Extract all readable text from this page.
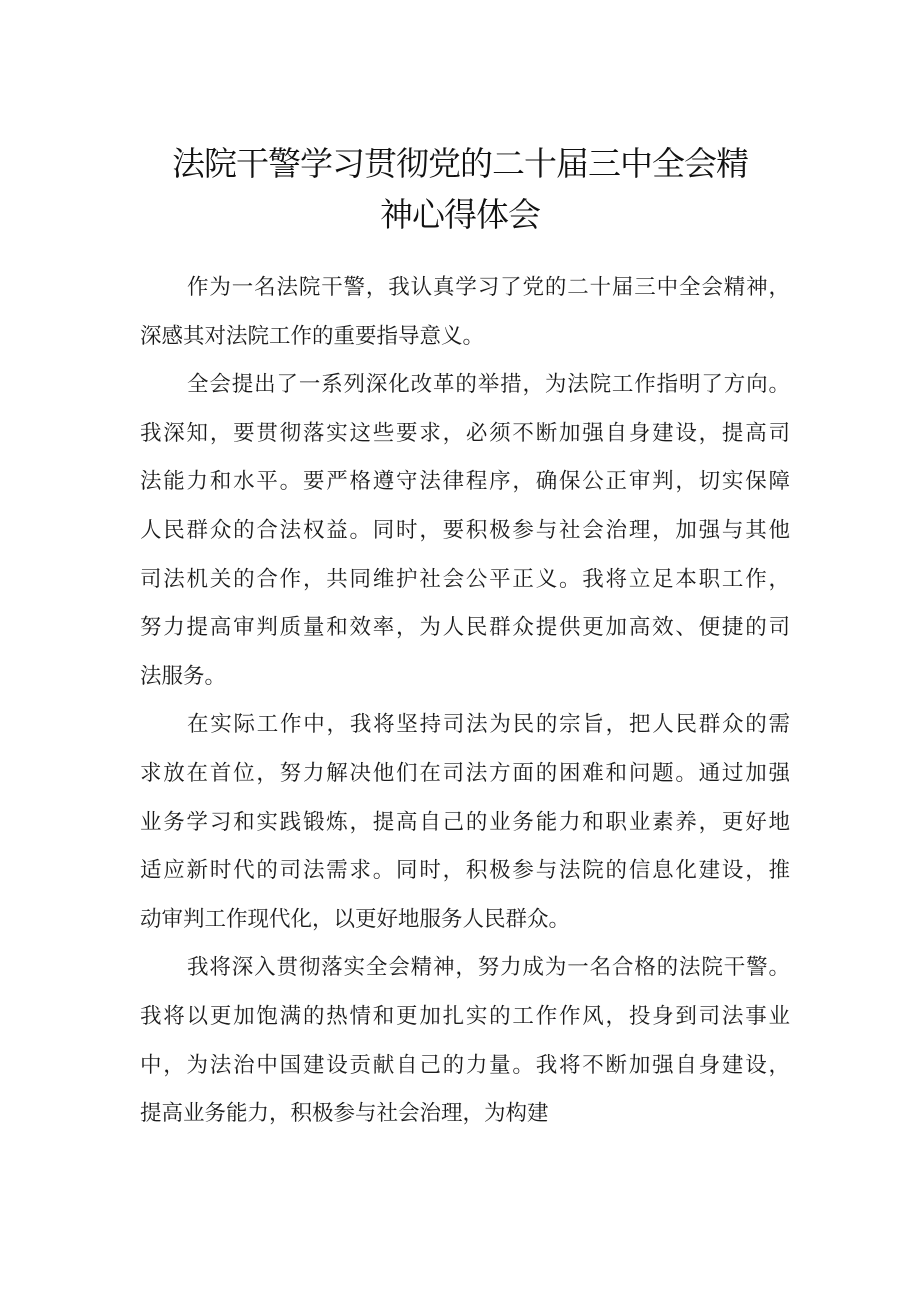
法院干警学习贯彻党的二十届三中全会精
神心得体会
作为一名法院干警，我认真学习了党的二十届三中全会精神，
深感其对法院工作的重要指导意义。
全会提出了一系列深化改革的举措，为法院工作指明了方向。
我深知，要贯彻落实这些要求，必须不断加强自身建设，提高司
法能力和水平。要严格遵守法律程序，确保公正审判，切实保障
人民群众的合法权益。同时，要积极参与社会治理，加强与其他
司法机关的合作，共同维护社会公平正义。我将立足本职工作，
努力提高审判质量和效率，为人民群众提供更加高效、便捷的司
法服务。
在实际工作中，我将坚持司法为民的宗旨，把人民群众的需
求放在首位，努力解决他们在司法方面的困难和问题。通过加强
业务学习和实践锻炼，提高自己的业务能力和职业素养，更好地
适应新时代的司法需求。同时，积极参与法院的信息化建设，推
动审判工作现代化，以更好地服务人民群众。
我将深入贯彻落实全会精神，努力成为一名合格的法院干警。
我将以更加饱满的热情和更加扎实的工作作风，投身到司法事业
中，为法治中国建设贡献自己的力量。我将不断加强自身建设，
提高业务能力，积极参与社会治理，为构建
